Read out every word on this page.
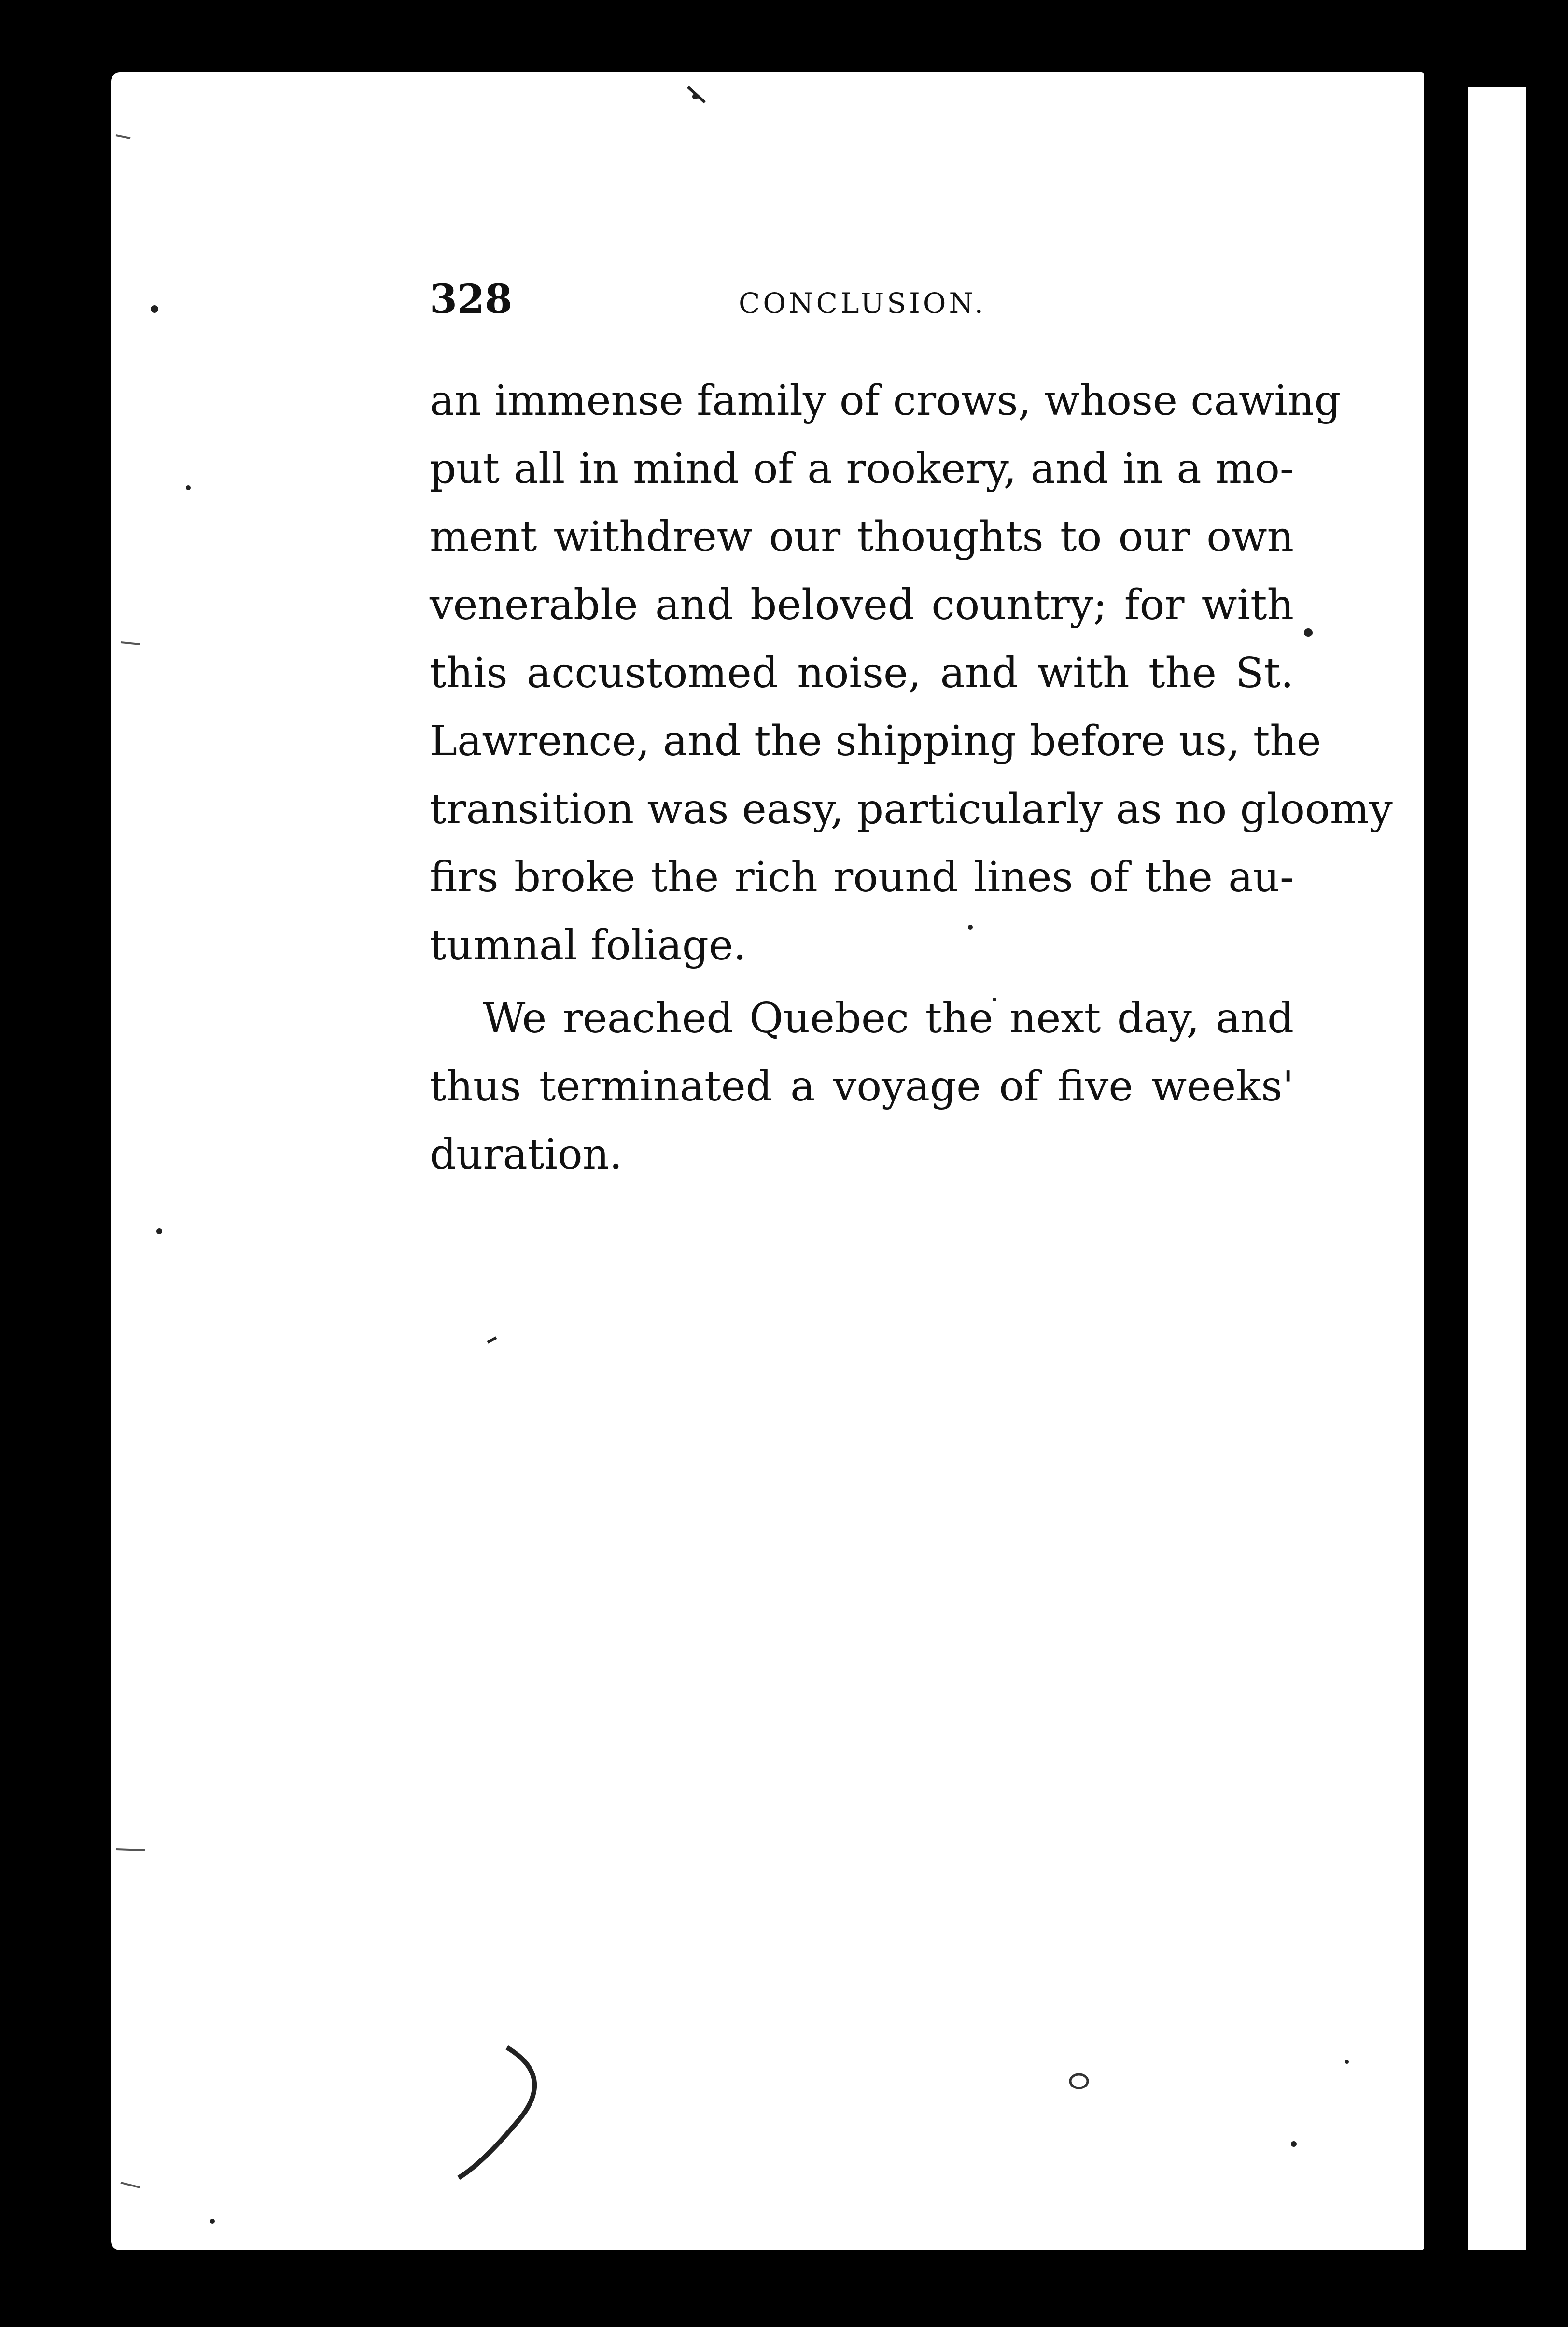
328	CONCLUSION.
an immense family of crows, whose cawing
put all in mind of a rookery, and in a mo-
ment withdrew our thoughts to our own
venerable and beloved country; for with
this accustomed noise, and with the St.
Lawrence, and the shipping before us, the
transition was easy, particularly as no gloomy
firs broke the rich round lines of the au-
tumnal foliage.
We reached Quebec the next day, and
thus terminated a voyage of five weeks'
duration.
